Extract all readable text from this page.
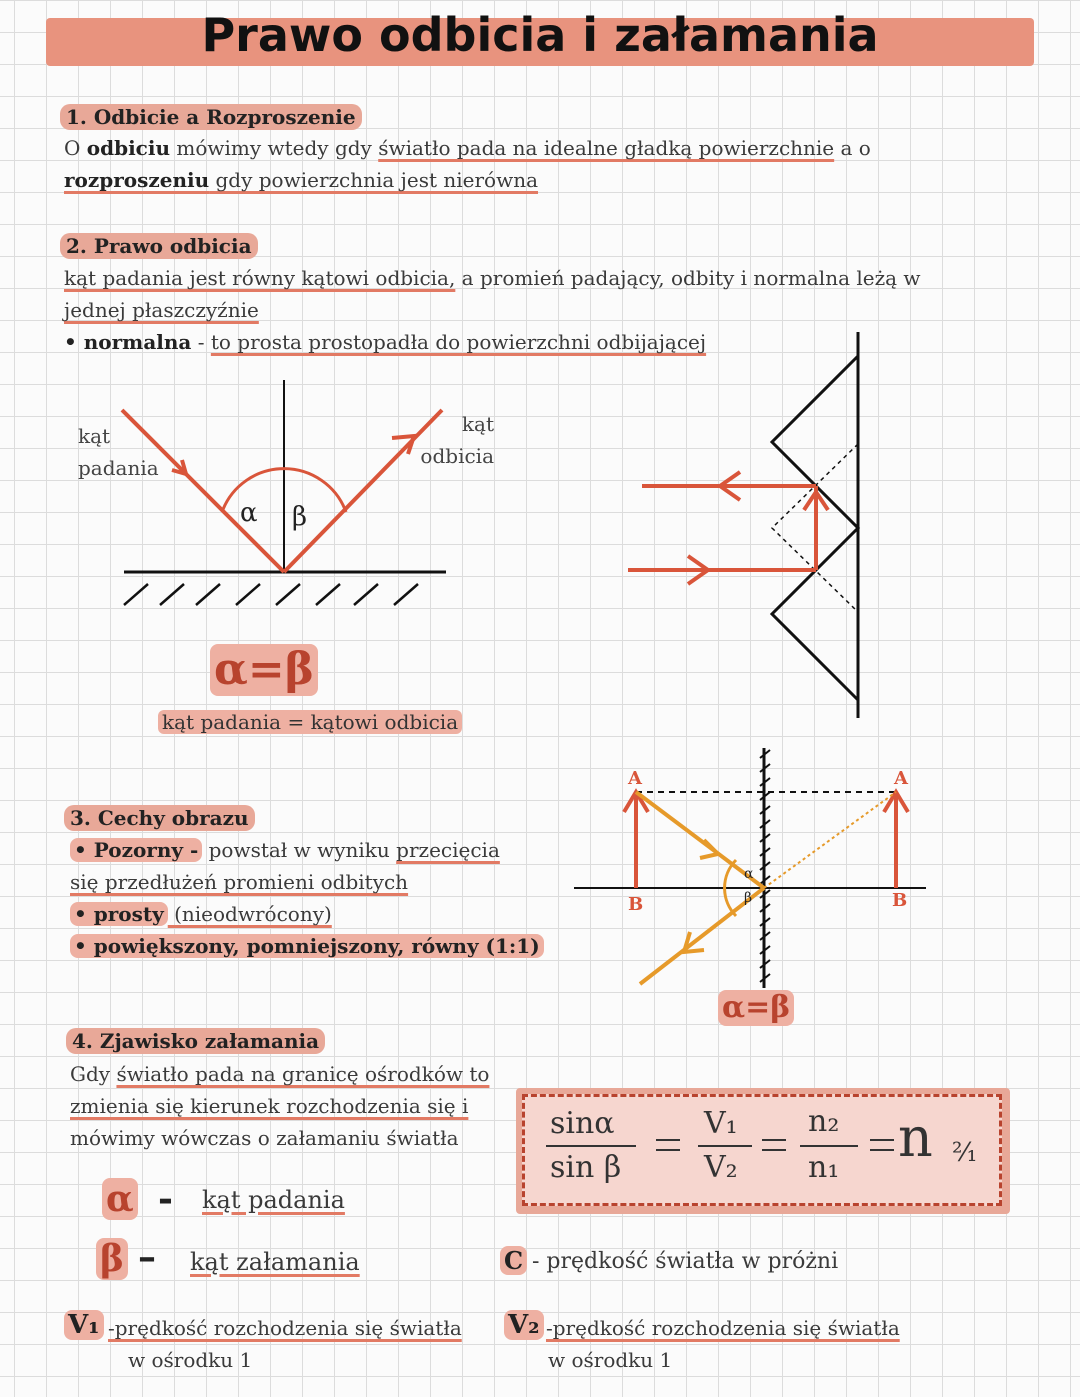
Prawo odbicia i załamania
1. Odbicie a Rozproszenie
O odbiciu mówimy wtedy gdy światło pada na idealne gładką powierzchnie a o
rozproszeniu gdy powierzchnia jest nierówna
2. Prawo odbicia
kąt padania jest równy kątowi odbicia, a promień padający, odbity i normalna leżą w
jednej płaszczyźnie
• normalna - to prosta prostopadła do powierzchni odbijającej
kąt
padania
kąt
odbicia
α β
α=β
kąt padania = kątowi odbicia
A
B
A
B
α
β
α=β
3. Cechy obrazu
• Pozorny - powstał w wyniku przecięcia
się przedłużeń promieni odbitych
• prosty (nieodwrócony)
• powiększony, pomniejszony, równy (1:1)
4. Zjawisko załamania
Gdy światło pada na granicę ośrodków to
zmienia się kierunek rozchodzenia się i
mówimy wówczas o załamaniu światła	sinα
sin β
V₁
V₂
n₂
n₁ n ²⁄₁
α - kąt padania
β – kąt załamania	C - prędkość światła w próżni
V₁ -prędkość rozchodzenia się światła
w ośrodku 1
V₂ -prędkość rozchodzenia się światła
w ośrodku 1
